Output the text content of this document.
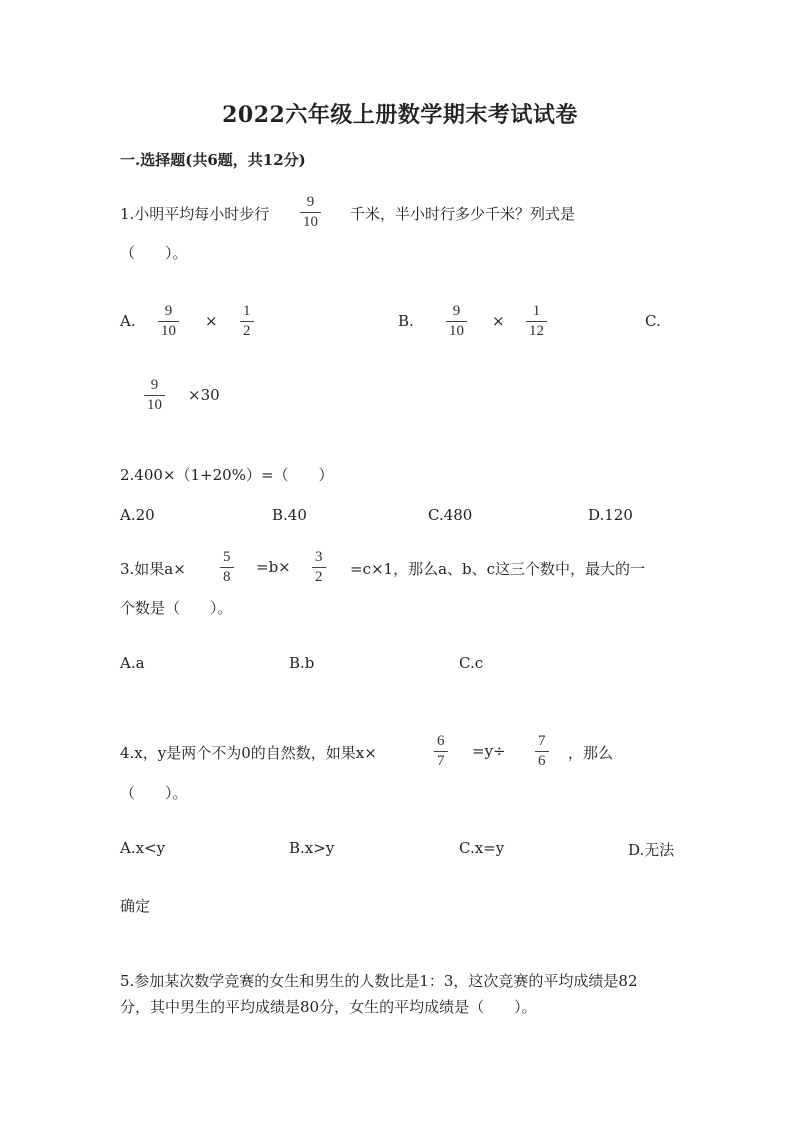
2022六年级上册数学期末考试试卷
一.选择题(共6题，共12分)
1.小明平均每小时步行 $\frac{9}{10}$ 千米，半小时行多少千米？列式是
（　　）。
A. $\frac{9}{10} \times \frac{1}{2}$	B. $\frac{9}{10} \times \frac{1}{12}$	C.
$\frac{9}{10} \times 30$
2.400×（1+20%）=（　　）
A.20	B.40	C.480	D.120
3.如果$a\times \frac{5}{8} =b\times \frac{3}{2} =c\times 1$，那么a、b、c这三个数中，最大的一
个数是（　　）。
A.a	B.b	C.c
4.x，y是两个不为0的自然数，如果x×	$\frac{6}{7} =y\div \frac{7}{6}$ ，那么
（　　）。
A.x<y	B.x>y	C.x=y	D.无法
确定
5.参加某次数学竞赛的女生和男生的人数比是1：3，这次竞赛的平均成绩是82
分，其中男生的平均成绩是80分，女生的平均成绩是（　　）。
